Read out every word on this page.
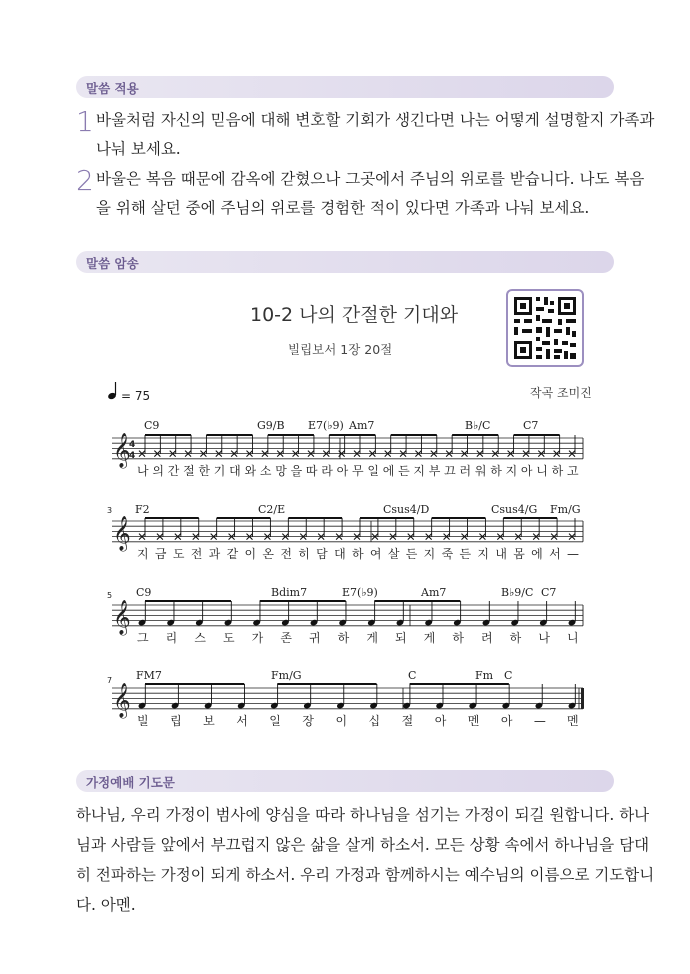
말씀 적용
1 바울처럼 자신의 믿음에 대해 변호할 기회가 생긴다면 나는 어떻게 설명할지 가족과
나눠 보세요.
2 바울은 복음 때문에 감옥에 갇혔으나 그곳에서 주님의 위로를 받습니다. 나도 복음
을 위해 살던 중에 주님의 위로를 경험한 적이 있다면 가족과 나눠 보세요.
말씀 암송
10-2 나의 간절한 기대와
빌립보서 1장 20절
작곡 조미진
= 75
C9	G9/B E7(♭9) Am7	B♭/C	C7
𝄞
4
4
나 의 간 절 한 기 대 와 소 망 을 따 라 아 무 일 에 든 지 부 끄 러 워 하 지 아 니 하 고
3 F2	C2/E	Csus4/D	Csus4/G Fm/G
𝄞
지 금 도 전 과 같 이 온 전 히 담 대 하 여 살 든 지 죽 든 지 내 몸 에 서 —
5 C9	Bdim7	E7(♭9)	Am7	B♭9/C C7
𝄞
그 리 스 도 가 존 귀 하 게 되 게 하 려 하 나 니
7 FM7	Fm/G	C	Fm C
𝄞
빌 립 보 서 일 장 이 십 절 아 멘 아 — 멘
가정예배 기도문
하나님, 우리 가정이 범사에 양심을 따라 하나님을 섬기는 가정이 되길 원합니다. 하나
님과 사람들 앞에서 부끄럽지 않은 삶을 살게 하소서. 모든 상황 속에서 하나님을 담대
히 전파하는 가정이 되게 하소서. 우리 가정과 함께하시는 예수님의 이름으로 기도합니
다. 아멘.
